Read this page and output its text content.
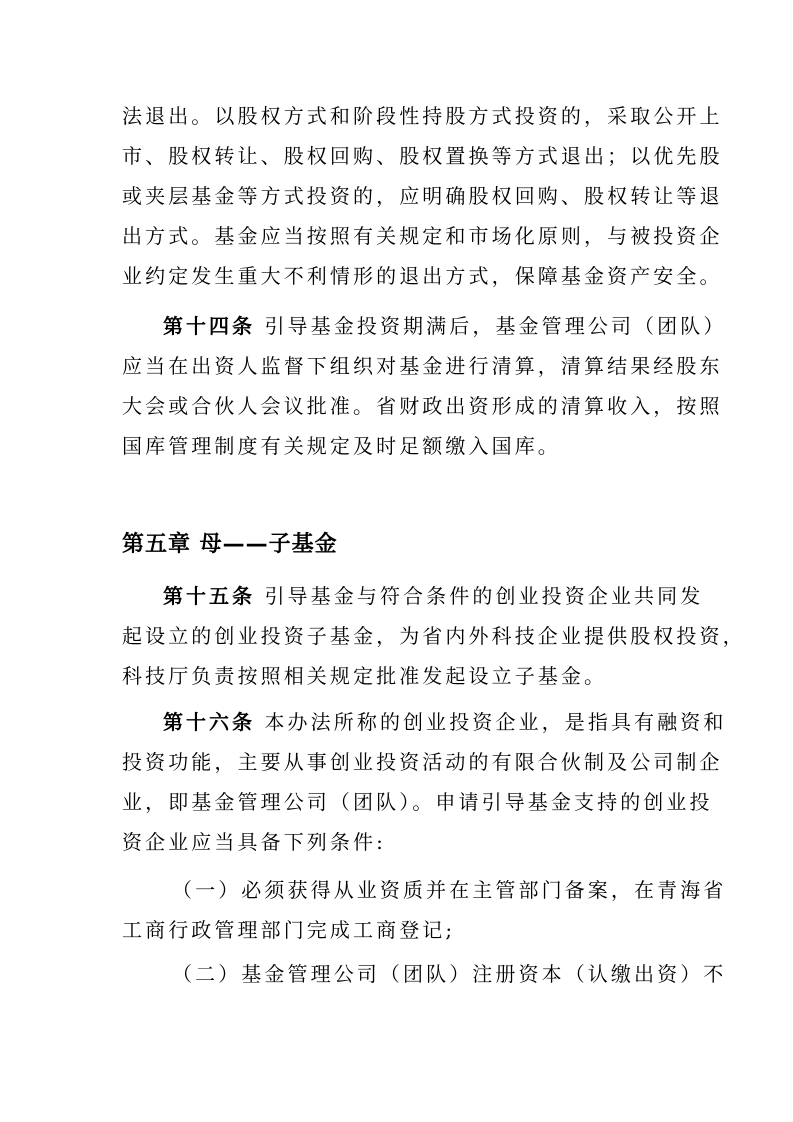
法退出。以股权方式和阶段性持股方式投资的，采取公开上
市、股权转让、股权回购、股权置换等方式退出；以优先股
或夹层基金等方式投资的，应明确股权回购、股权转让等退
出方式。基金应当按照有关规定和市场化原则，与被投资企
业约定发生重大不利情形的退出方式，保障基金资产安全。
第十四条 引导基金投资期满后，基金管理公司（团队）
应当在出资人监督下组织对基金进行清算，清算结果经股东
大会或合伙人会议批准。省财政出资形成的清算收入，按照
国库管理制度有关规定及时足额缴入国库。
第五章 母——子基金
第十五条 引导基金与符合条件的创业投资企业共同发
起设立的创业投资子基金，为省内外科技企业提供股权投资，
科技厅负责按照相关规定批准发起设立子基金。
第十六条 本办法所称的创业投资企业，是指具有融资和
投资功能，主要从事创业投资活动的有限合伙制及公司制企
业，即基金管理公司（团队）。申请引导基金支持的创业投
资企业应当具备下列条件:
（一）必须获得从业资质并在主管部门备案，在青海省
工商行政管理部门完成工商登记;
（二）基金管理公司（团队）注册资本（认缴出资）不
